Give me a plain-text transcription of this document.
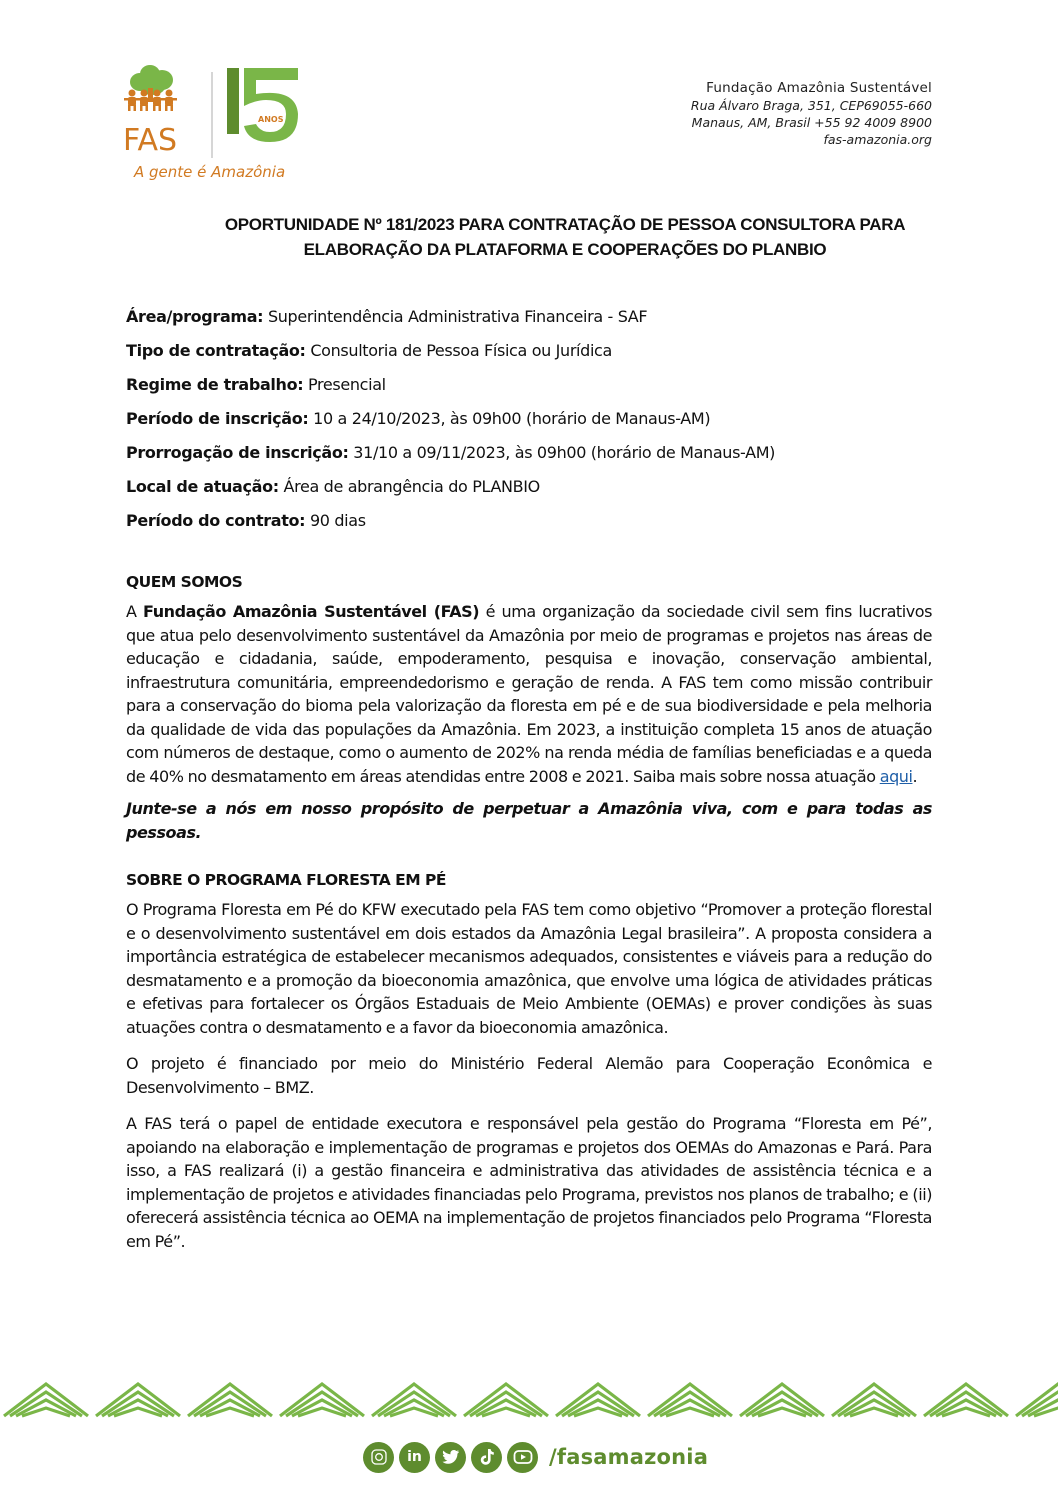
FAS
ANOS
A gente é Amazônia
Fundação Amazônia Sustentável
Rua Álvaro Braga, 351, CEP69055-660
Manaus, AM, Brasil +55 92 4009 8900
fas-amazonia.org
OPORTUNIDADE Nº 181/2023 PARA CONTRATAÇÃO DE PESSOA CONSULTORA PARA

ELABORAÇÃO DA PLATAFORMA E COOPERAÇÕES DO PLANBIO
Área/programa: Superintendência Administrativa Financeira - SAF
Tipo de contratação: Consultoria de Pessoa Física ou Jurídica
Regime de trabalho: Presencial
Período de inscrição: 10 a 24/10/2023, às 09h00 (horário de Manaus-AM)
Prorrogação de inscrição: 31/10 a 09/11/2023, às 09h00 (horário de Manaus-AM)
Local de atuação: Área de abrangência do PLANBIO
Período do contrato: 90 dias
QUEM SOMOS

A Fundação Amazônia Sustentável (FAS) é uma organização da sociedade civil sem fins lucrativos que atua pelo desenvolvimento sustentável da Amazônia por meio de programas e projetos nas áreas de educação e cidadania, saúde, empoderamento, pesquisa e inovação, conservação ambiental, infraestrutura comunitária, empreendedorismo e geração de renda. A FAS tem como missão contribuir para a conservação do bioma pela valorização da floresta em pé e de sua biodiversidade e pela melhoria da qualidade de vida das populações da Amazônia. Em 2023, a instituição completa 15 anos de atuação com números de destaque, como o aumento de 202% na renda média de famílias beneficiadas e a queda de 40% no desmatamento em áreas atendidas entre 2008 e 2021. Saiba mais sobre nossa atuação aqui.

Junte-se a nós em nosso propósito de perpetuar a Amazônia viva, com e para todas as pessoas.

SOBRE O PROGRAMA FLORESTA EM PÉ

O Programa Floresta em Pé do KFW executado pela FAS tem como objetivo “Promover a proteção florestal e o desenvolvimento sustentável em dois estados da Amazônia Legal brasileira”. A proposta considera a importância estratégica de estabelecer mecanismos adequados, consistentes e viáveis para a redução do desmatamento e a promoção da bioeconomia amazônica, que envolve uma lógica de atividades práticas e efetivas para fortalecer os Órgãos Estaduais de Meio Ambiente (OEMAs) e prover condições às suas atuações contra o desmatamento e a favor da bioeconomia amazônica.

O projeto é financiado por meio do Ministério Federal Alemão para Cooperação Econômica e Desenvolvimento – BMZ.

A FAS terá o papel de entidade executora e responsável pela gestão do Programa “Floresta em Pé”, apoiando na elaboração e implementação de programas e projetos dos OEMAs do Amazonas e Pará. Para isso, a FAS realizará (i) a gestão financeira e administrativa das atividades de assistência técnica e a implementação de projetos e atividades financiadas pelo Programa, previstos nos planos de trabalho; e (ii) oferecerá assistência técnica ao OEMA na implementação de projetos financiados pelo Programa “Floresta em Pé”.

in	/fasamazonia
